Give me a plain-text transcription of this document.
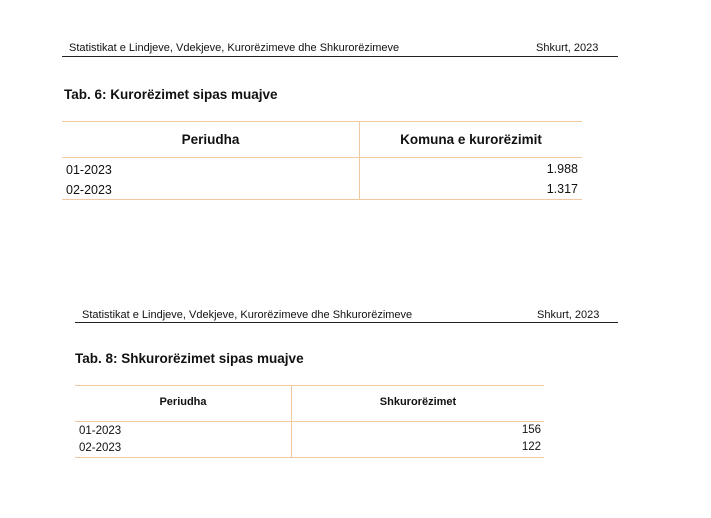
Statistikat e Lindjeve, Vdekjeve, Kurorëzimeve dhe Shkurorëzimeve	Shkurt, 2023
Tab. 6: Kurorëzimet sipas muajve
Periudha	Komuna e kurorëzimit
01-2023	1.988
02-2023	1.317
Statistikat e Lindjeve, Vdekjeve, Kurorëzimeve dhe Shkurorëzimeve	Shkurt, 2023
Tab. 8: Shkurorëzimet sipas muajve
Periudha	Shkurorëzimet
01-2023	156
02-2023	122
